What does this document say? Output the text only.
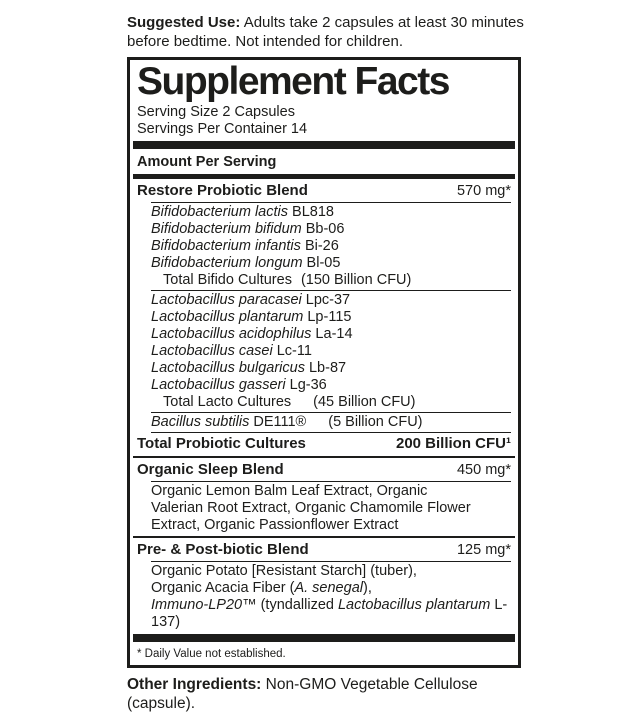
Suggested Use: Adults take 2 capsules at least 30 minutes before bedtime. Not intended for children.

Supplement Facts
Serving Size 2 Capsules
Servings Per Container 14
Amount Per Serving
Restore Probiotic Blend	570 mg*
Bifidobacterium lactis BL818
Bifidobacterium bifidum Bb-06
Bifidobacterium infantis Bi-26
Bifidobacterium longum Bl-05
Total Bifido Cultures (150 Billion CFU)
Lactobacillus paracasei Lpc-37
Lactobacillus plantarum Lp-115
Lactobacillus acidophilus La-14
Lactobacillus casei Lc-11
Lactobacillus bulgaricus Lb-87
Lactobacillus gasseri Lg-36
Total Lacto Cultures (45 Billion CFU)
Bacillus subtilis DE111® (5 Billion CFU)
Total Probiotic Cultures	200 Billion CFU¹
Organic Sleep Blend	450 mg*
Organic Lemon Balm Leaf Extract, Organic
Valerian Root Extract, Organic Chamomile Flower
Extract, Organic Passionflower Extract
Pre- & Post-biotic Blend	125 mg*
Organic Potato [Resistant Starch] (tuber),
Organic Acacia Fiber (A. senegal),
Immuno-LP20™ (tyndallized Lactobacillus plantarum L-137)
* Daily Value not established.

Other Ingredients: Non-GMO Vegetable Cellulose (capsule).
